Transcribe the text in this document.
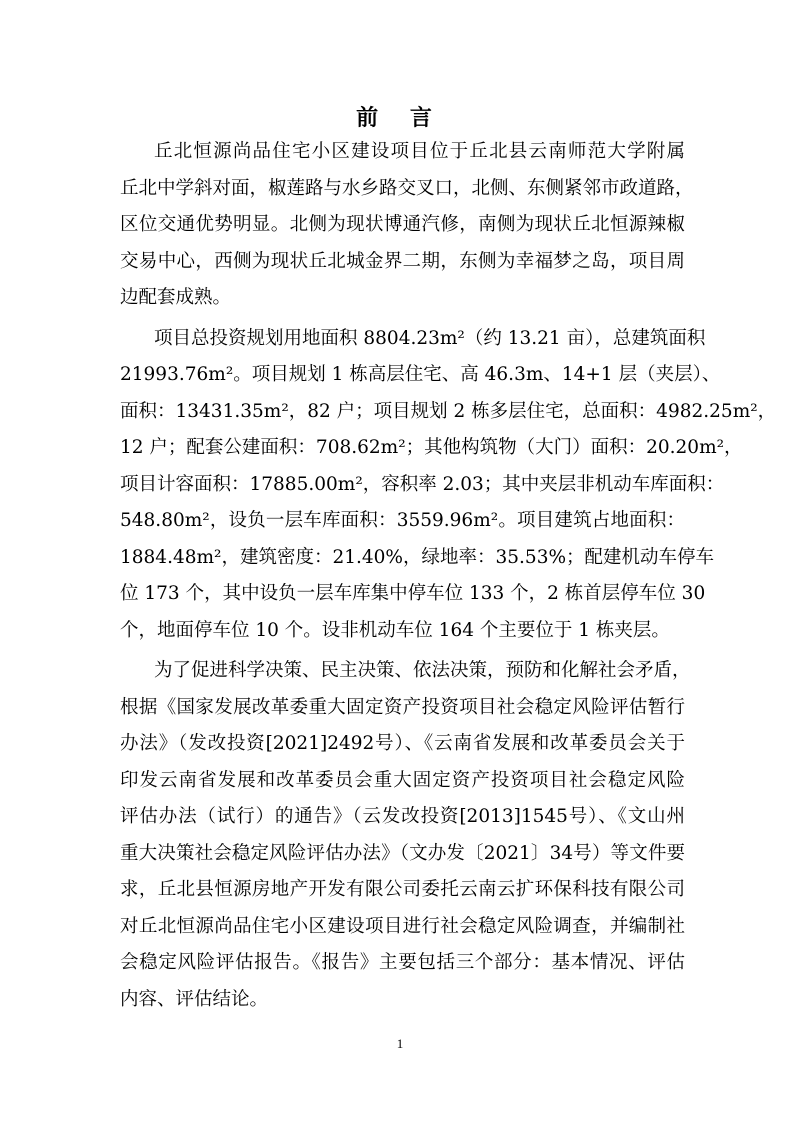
前 言
丘北恒源尚品住宅小区建设项目位于丘北县云南师范大学附属
丘北中学斜对面，椒莲路与水乡路交叉口，北侧、东侧紧邻市政道路，
区位交通优势明显。北侧为现状博通汽修，南侧为现状丘北恒源辣椒
交易中心，西侧为现状丘北城金界二期，东侧为幸福梦之岛，项目周
边配套成熟。
项目总投资规划用地面积 8804.23m²（约 13.21 亩），总建筑面积
21993.76m²。项目规划 1 栋高层住宅、高 46.3m、14+1 层（夹层）、
面积：13431.35m²，82 户；项目规划 2 栋多层住宅，总面积：4982.25m²，
12 户；配套公建面积：708.62m²；其他构筑物（大门）面积：20.20m²，
项目计容面积：17885.00m²，容积率 2.03；其中夹层非机动车库面积：
548.80m²，设负一层车库面积：3559.96m²。项目建筑占地面积：
1884.48m²，建筑密度：21.40%，绿地率：35.53%；配建机动车停车
位 173 个，其中设负一层车库集中停车位 133 个，2 栋首层停车位 30
个，地面停车位 10 个。设非机动车位 164 个主要位于 1 栋夹层。
为了促进科学决策、民主决策、依法决策，预防和化解社会矛盾，
根据《国家发展改革委重大固定资产投资项目社会稳定风险评估暂行
办法》（发改投资[2021]2492号）、《云南省发展和改革委员会关于
印发云南省发展和改革委员会重大固定资产投资项目社会稳定风险
评估办法（试行）的通告》（云发改投资[2013]1545号）、《文山州
重大决策社会稳定风险评估办法》（文办发〔2021〕34号）等文件要
求，丘北县恒源房地产开发有限公司委托云南云扩环保科技有限公司
对丘北恒源尚品住宅小区建设项目进行社会稳定风险调查，并编制社
会稳定风险评估报告。《报告》主要包括三个部分：基本情况、评估
内容、评估结论。
1
